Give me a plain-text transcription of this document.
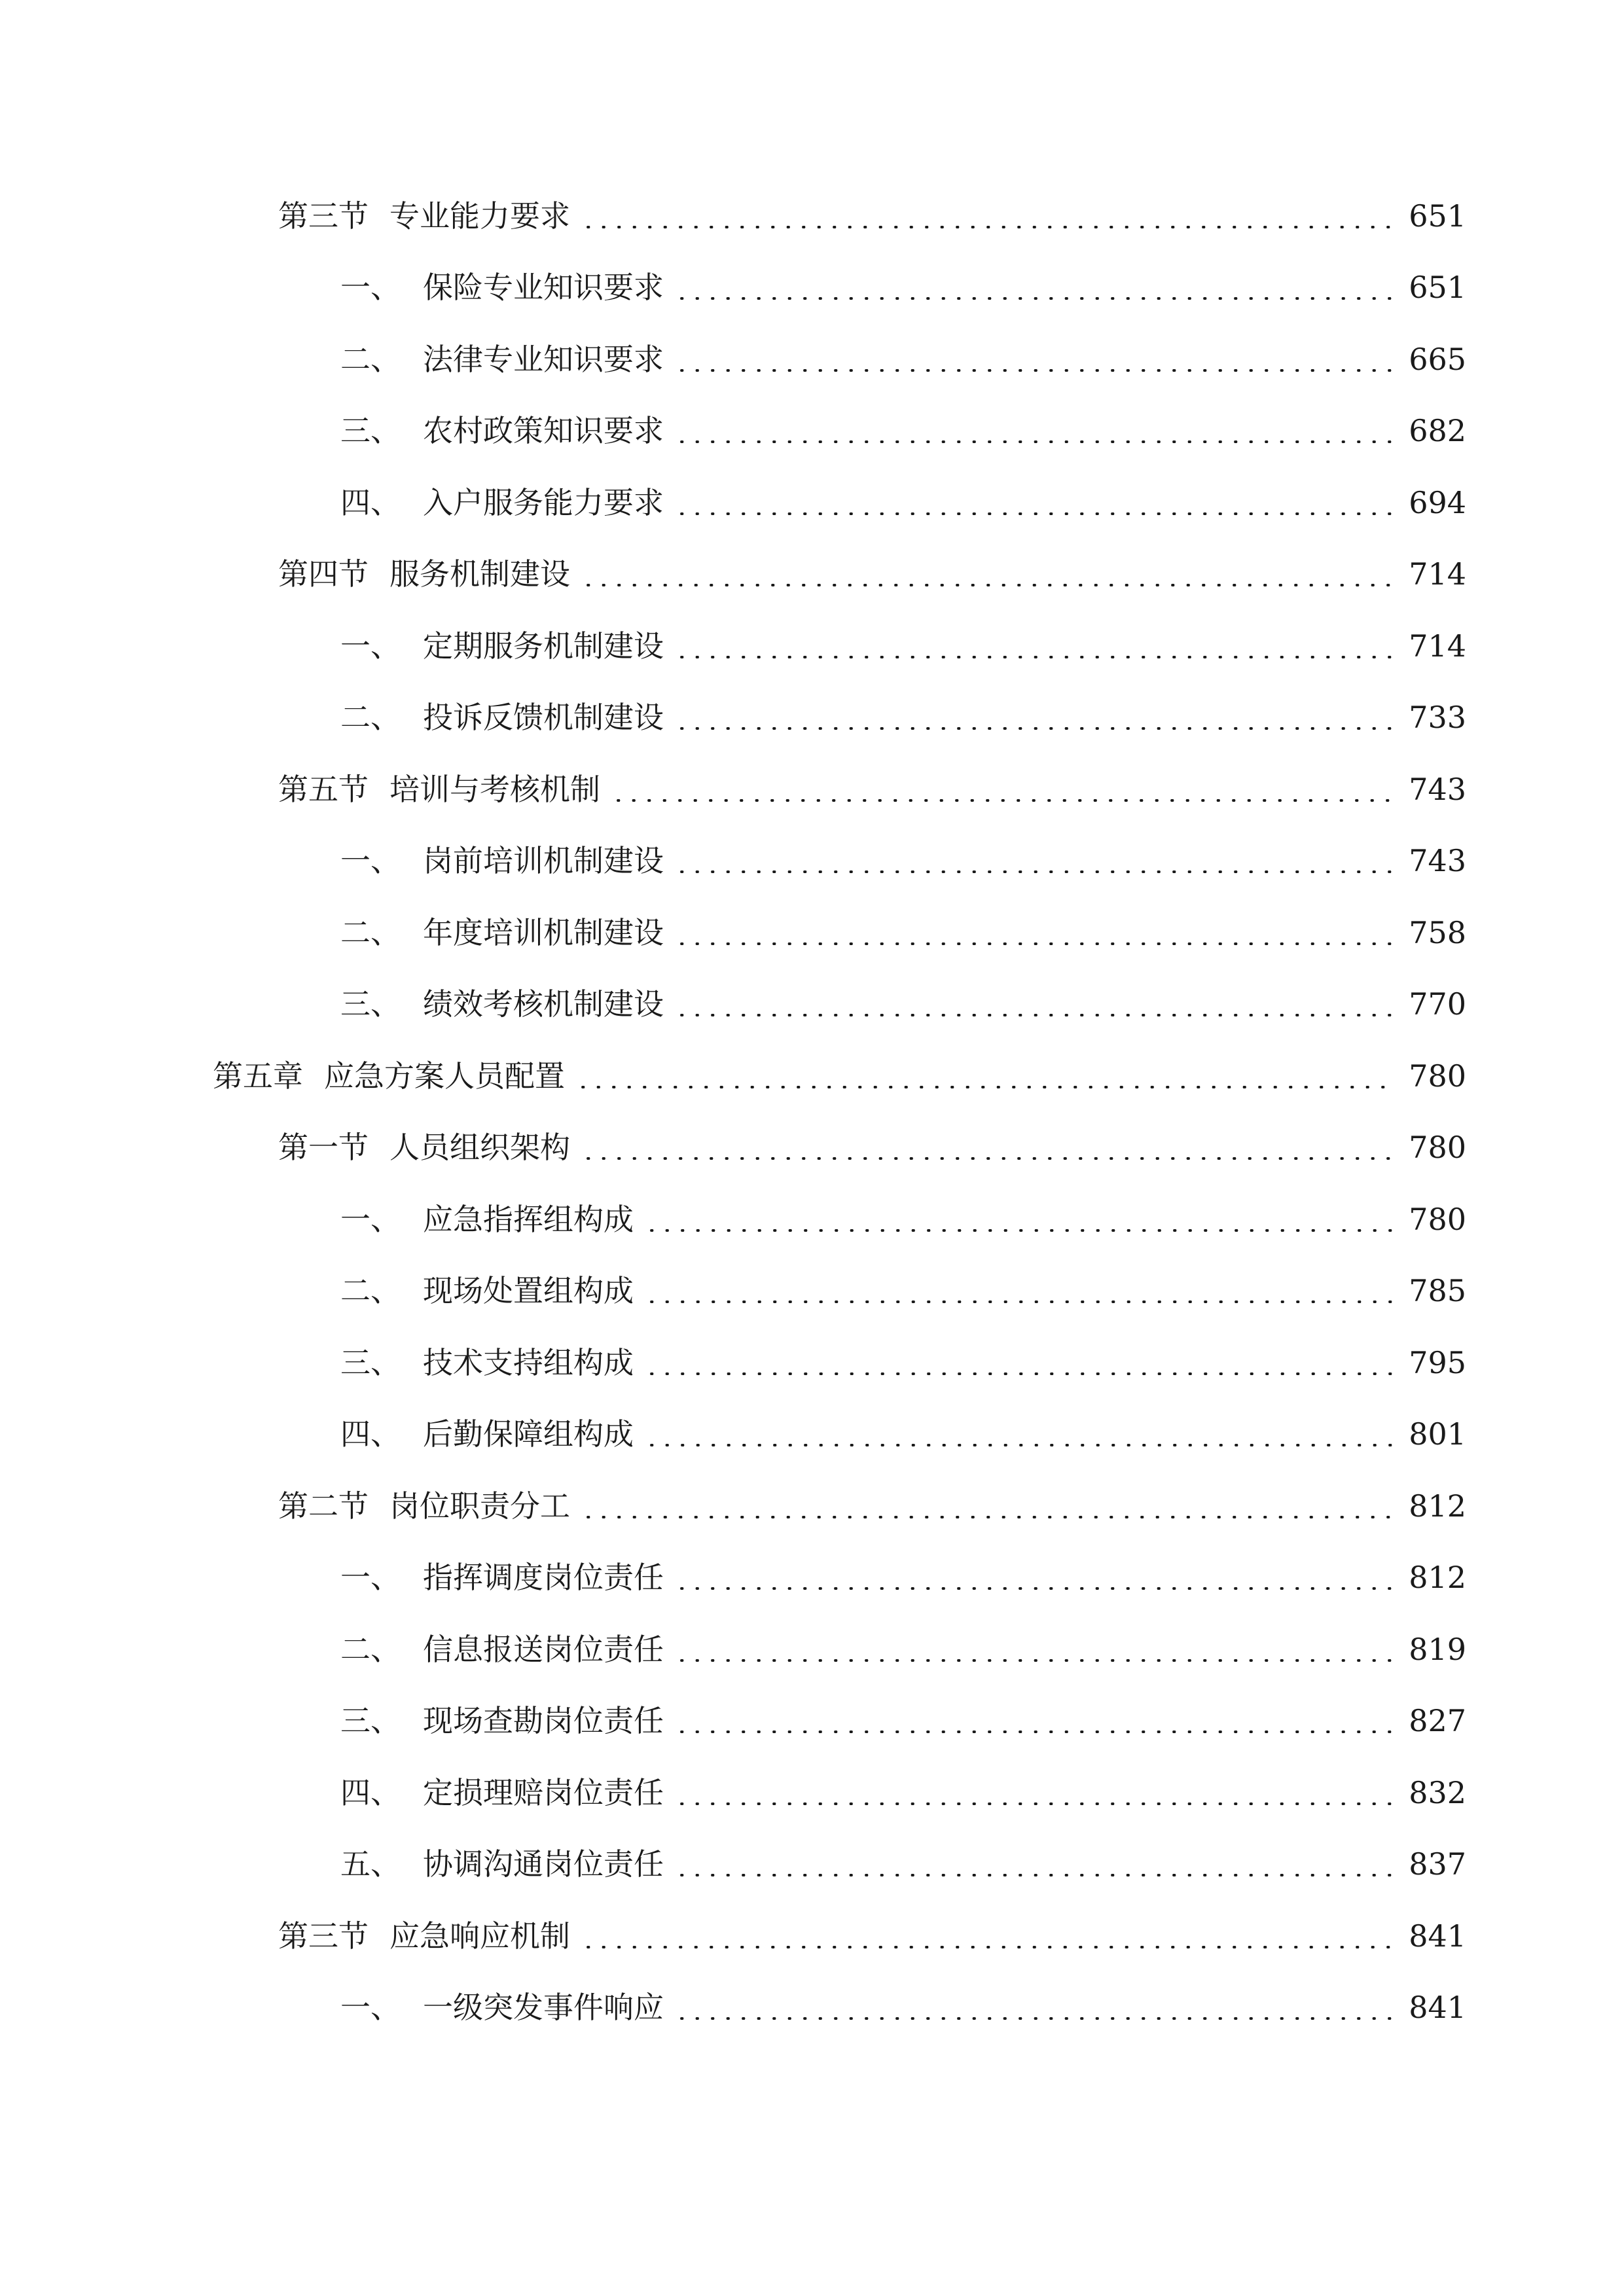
第三节 专业能力要求	651
一、 保险专业知识要求	651
二、 法律专业知识要求	665
三、 农村政策知识要求	682
四、 入户服务能力要求	694
第四节 服务机制建设	714
一、 定期服务机制建设	714
二、 投诉反馈机制建设	733
第五节 培训与考核机制	743
一、 岗前培训机制建设	743
二、 年度培训机制建设	758
三、 绩效考核机制建设	770
第五章 应急方案人员配置	780
第一节 人员组织架构	780
一、 应急指挥组构成	780
二、 现场处置组构成	785
三、 技术支持组构成	795
四、 后勤保障组构成	801
第二节 岗位职责分工	812
一、 指挥调度岗位责任	812
二、 信息报送岗位责任	819
三、 现场查勘岗位责任	827
四、 定损理赔岗位责任	832
五、 协调沟通岗位责任	837
第三节 应急响应机制	841
一、 一级突发事件响应	841
